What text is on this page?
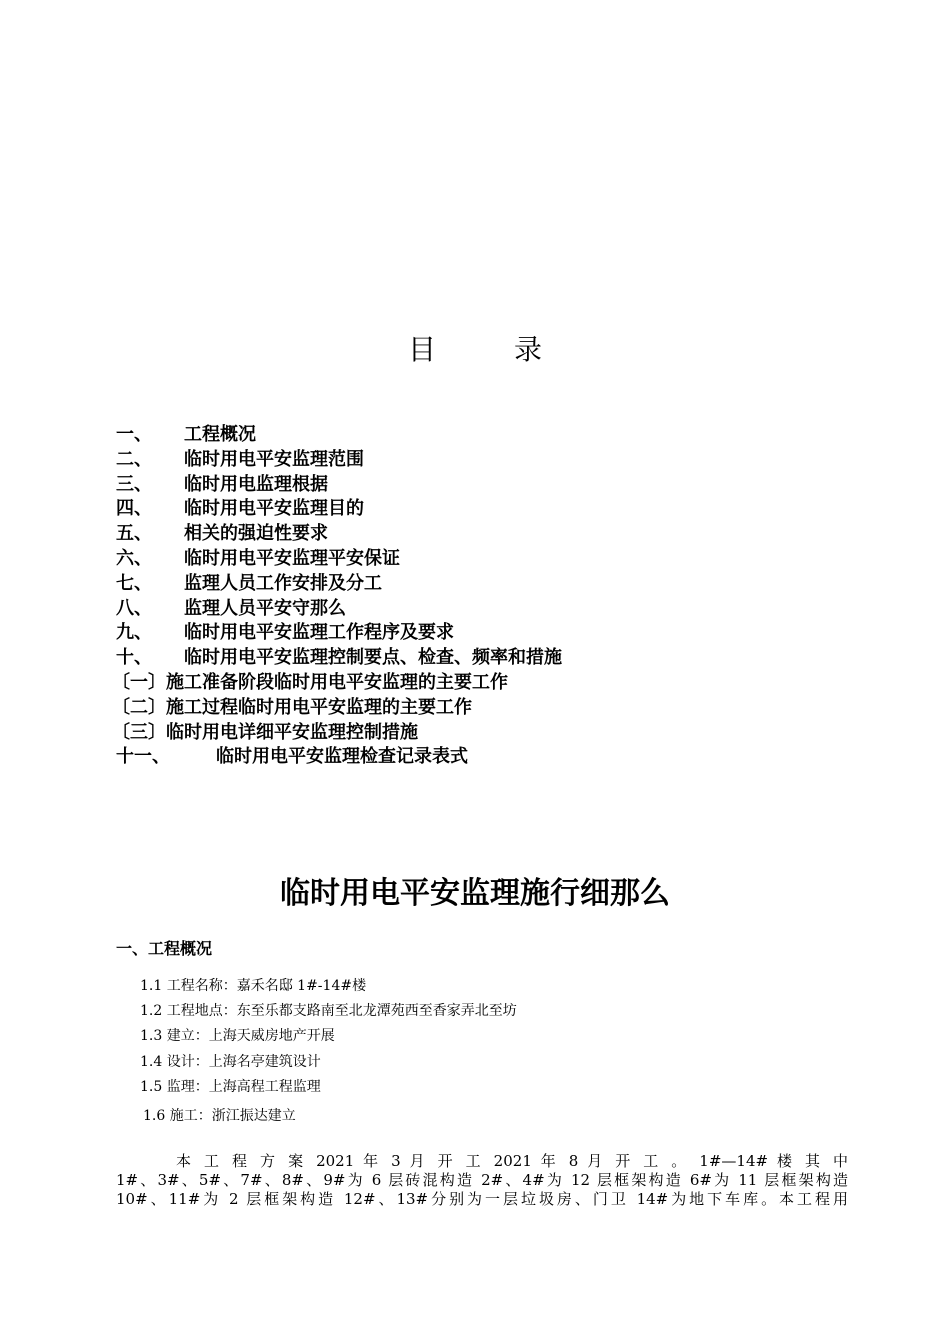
目	录
一、 工程概况
二、 临时用电平安监理范围
三、 临时用电监理根据
四、 临时用电平安监理目的
五、 相关的强迫性要求
六、 临时用电平安监理平安保证
七、 监理人员工作安排及分工
八、 监理人员平安守那么
九、 临时用电平安监理工作程序及要求
十、 临时用电平安监理控制要点、检查、频率和措施
〔一〕施工准备阶段临时用电平安监理的主要工作
〔二〕施工过程临时用电平安监理的主要工作
〔三〕临时用电详细平安监理控制措施
十一、	临时用电平安监理检查记录表式
临时用电平安监理施行细那么
一、工程概况
1.1 工程名称：嘉禾名邸 1#-14#楼
1.2 工程地点：东至乐都支路南至北龙潭苑西至香家弄北至坊
1.3 建立：上海天威房地产开展
1.4 设计：上海名亭建筑设计
1.5 监理：上海高程工程监理
1.6 施工：浙江振达建立
本 工 程 方 案 2021 年 3 月 开 工 2021 年 8 月 开 工 。 1#—14# 楼 其 中
1#、3#、5#、7#、8#、9#为 6 层砖混构造 2#、4#为 12 层框架构造 6#为 11 层框架构造
10#、11#为 2 层框架构造 12#、13#分别为一层垃圾房、门卫 14#为地下车库。本工程用
